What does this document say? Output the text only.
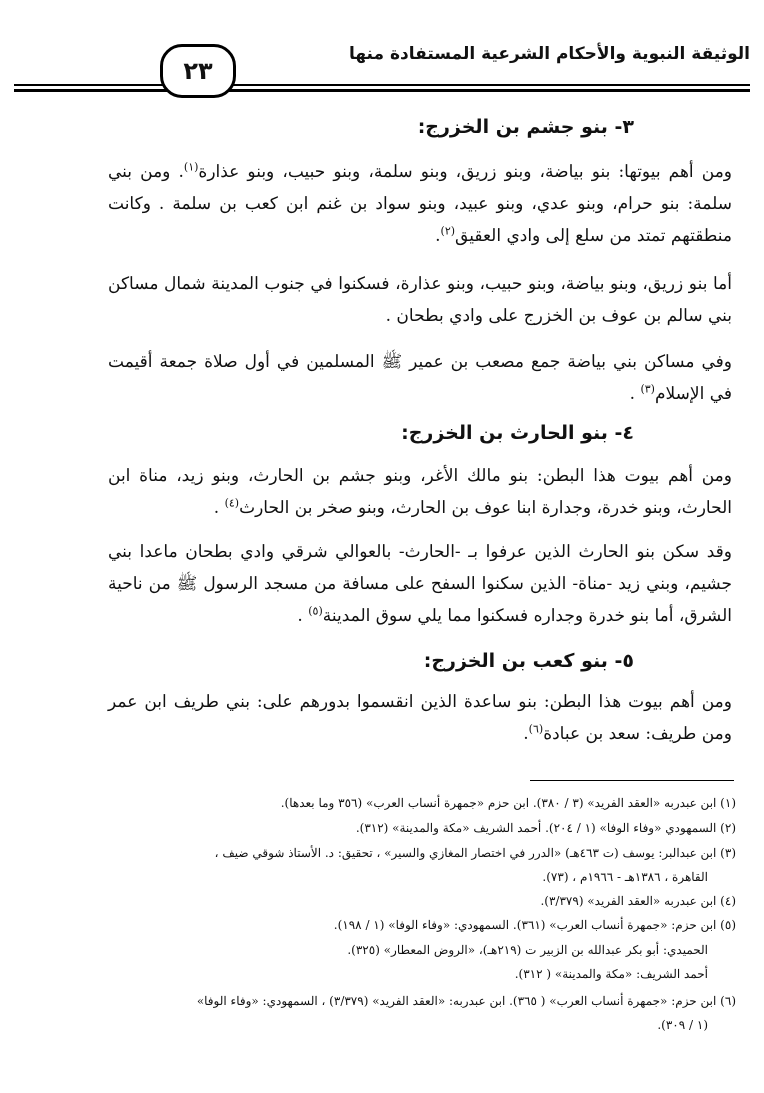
الوثيقة النبوية والأحكام الشرعية المستفادة منها
٢٣
٣- بنو جشم بن الخزرج:
ومن أهم بيوتها: بنو بياضة، وبنو زريق، وبنو سلمة، وبنو حبيب، وبنو عذارة$^{(١)}$. ومن بني سلمة: بنو حرام، وبنو عدي، وبنو عبيد، وبنو سواد بن غنم ابن كعب بن سلمة . وكانت منطقتهم تمتد من سلع إلى وادي العقيق$^{(٢)}$.
أما بنو زريق، وبنو بياضة، وبنو حبيب، وبنو عذارة، فسكنوا في جنوب المدينة شمال مساكن بني سالم بن عوف بن الخزرج على وادي بطحان .
وفي مساكن بني بياضة جمع مصعب بن عمير ﷺ المسلمين في أول صلاة جمعة أقيمت في الإسلام$^{(٣)}$ .
٤- بنو الحارث بن الخزرج:
ومن أهم بيوت هذا البطن: بنو مالك الأغر، وبنو جشم بن الحارث، وبنو زيد، مناة ابن الحارث، وبنو خدرة، وجدارة ابنا عوف بن الحارث، وبنو صخر بن الحارث$^{(٤)}$ .
وقد سكن بنو الحارث الذين عرفوا بـ -الحارث- بالعوالي شرقي وادي بطحان ماعدا بني جشيم، وبني زيد -مناة- الذين سكنوا السفح على مسافة من مسجد الرسول ﷺ من ناحية الشرق، أما بنو خدرة وجداره فسكنوا مما يلي سوق المدينة$^{(٥)}$ .
٥- بنو كعب بن الخزرج:
ومن أهم بيوت هذا البطن: بنو ساعدة الذين انقسموا بدورهم على: بني طريف ابن عمر ومن طريف: سعد بن عبادة$^{(٦)}$.
(١) ابن عبدربه «العقد الفريد» (٣ / ٣٨٠). ابن حزم «جمهرة أنساب العرب» (٣٥٦ وما بعدها).
(٢) السمهودي «وفاء الوفا» (١ / ٢٠٤). أحمد الشريف «مكة والمدينة» (٣١٢).
(٣) ابن عبدالبر: يوسف (ت ٤٦٣هـ) «الدرر في اختصار المغازي والسير» ، تحقيق: د. الأستاذ شوقي ضيف ،
القاهرة ، ١٣٨٦هـ - ١٩٦٦م ، (٧٣).
(٤) ابن عبدربه «العقد الفريد» (٣/٣٧٩).
(٥) ابن حزم: «جمهرة أنساب العرب» (٣٦١). السمهودي: «وفاء الوفا» (١ / ١٩٨).
الحميدي: أبو بكر عبدالله بن الزبير ت (٢١٩هـ)، «الروض المعطار» (٣٢٥).
أحمد الشريف: «مكة والمدينة» ( ٣١٢).
(٦) ابن حزم: «جمهرة أنساب العرب» ( ٣٦٥). ابن عبدربه: «العقد الفريد» (٣/٣٧٩) ، السمهودي: «وفاء الوفا»
(١ / ٣٠٩).
